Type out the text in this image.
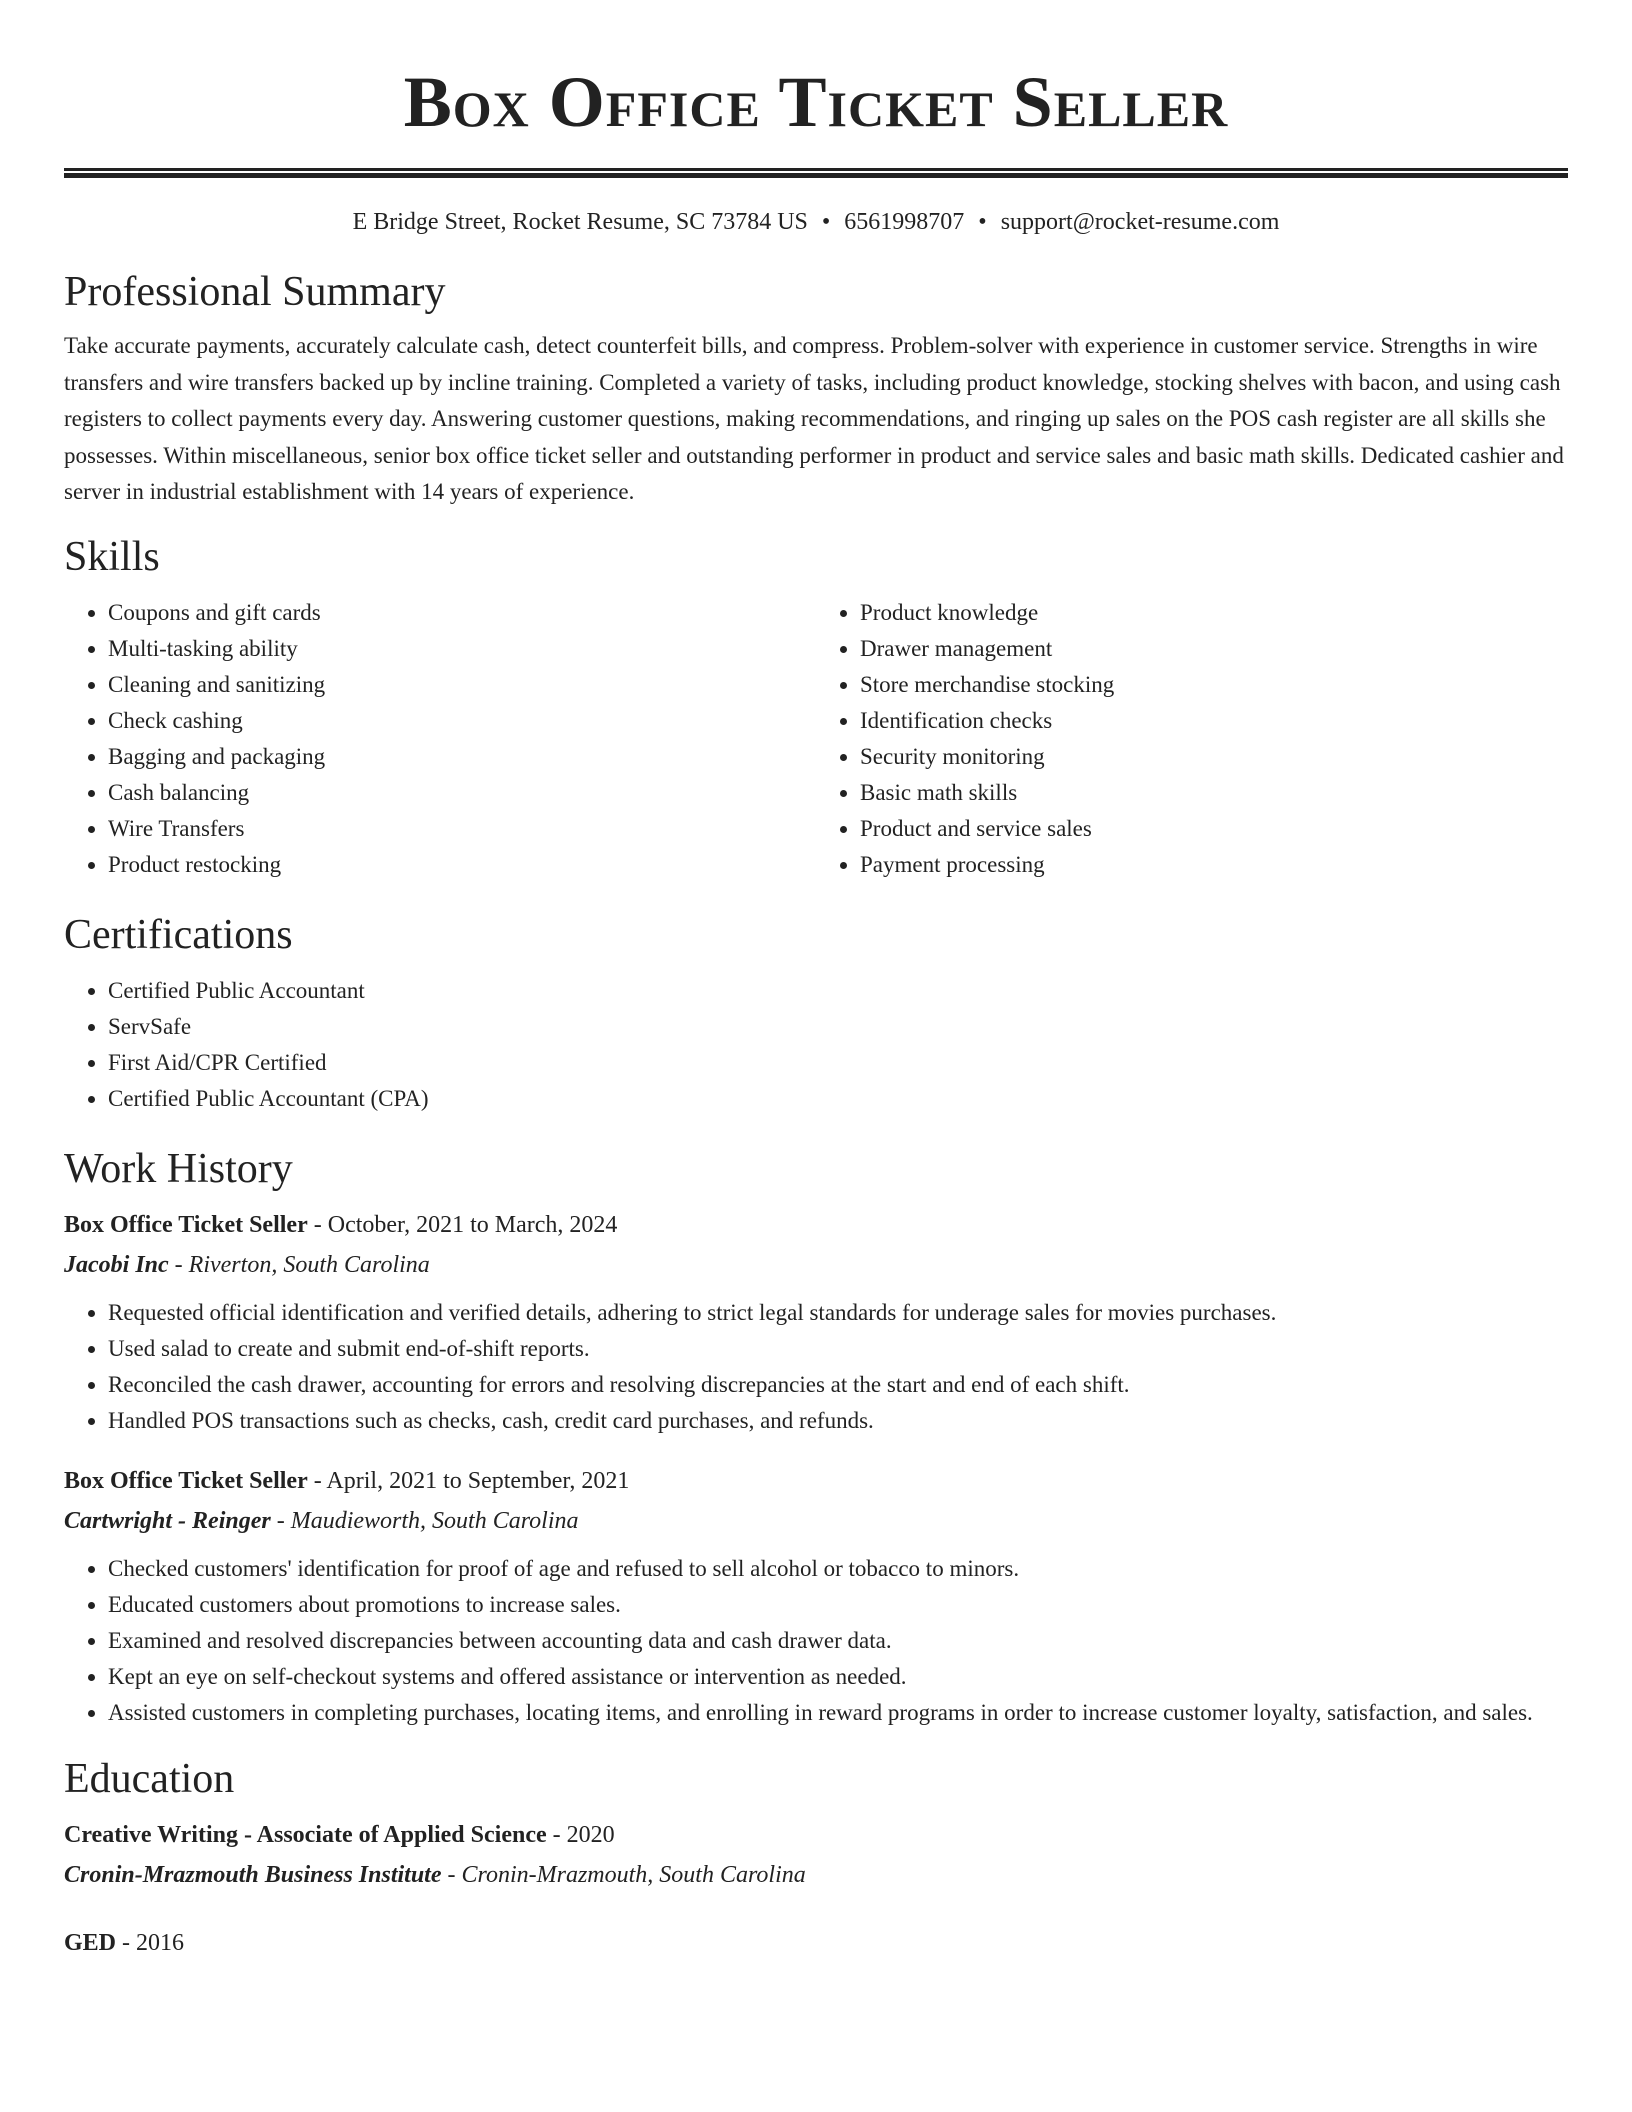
Box Office Ticket Seller
E Bridge Street, Rocket Resume, SC 73784 US • 6561998707 • support@rocket-resume.com
Professional Summary

Take accurate payments, accurately calculate cash, detect counterfeit bills, and compress. Problem-solver with experience in customer service. Strengths in wire transfers and wire transfers backed up by incline training. Completed a variety of tasks, including product knowledge, stocking shelves with bacon, and using cash registers to collect payments every day. Answering customer questions, making recommendations, and ringing up sales on the POS cash register are all skills she possesses. Within miscellaneous, senior box office ticket seller and outstanding performer in product and service sales and basic math skills. Dedicated cashier and server in industrial establishment with 14 years of experience.

Skills
• Coupons and gift cards
• Multi-tasking ability
• Cleaning and sanitizing
• Check cashing
• Bagging and packaging
• Cash balancing
• Wire Transfers
• Product restocking
• Product knowledge
• Drawer management
• Store merchandise stocking
• Identification checks
• Security monitoring
• Basic math skills
• Product and service sales
• Payment processing
Certifications
• Certified Public Accountant
• ServSafe
• First Aid/CPR Certified
• Certified Public Accountant (CPA)
Work History
Box Office Ticket Seller - October, 2021 to March, 2024
Jacobi Inc - Riverton, South Carolina
• Requested official identification and verified details, adhering to strict legal standards for underage sales for movies purchases.
• Used salad to create and submit end-of-shift reports.
• Reconciled the cash drawer, accounting for errors and resolving discrepancies at the start and end of each shift.
• Handled POS transactions such as checks, cash, credit card purchases, and refunds.
Box Office Ticket Seller - April, 2021 to September, 2021
Cartwright - Reinger - Maudieworth, South Carolina
• Checked customers' identification for proof of age and refused to sell alcohol or tobacco to minors.
• Educated customers about promotions to increase sales.
• Examined and resolved discrepancies between accounting data and cash drawer data.
• Kept an eye on self-checkout systems and offered assistance or intervention as needed.
• Assisted customers in completing purchases, locating items, and enrolling in reward programs in order to increase customer loyalty, satisfaction, and sales.
Education
Creative Writing - Associate of Applied Science - 2020
Cronin-Mrazmouth Business Institute - Cronin-Mrazmouth, South Carolina
GED - 2016
